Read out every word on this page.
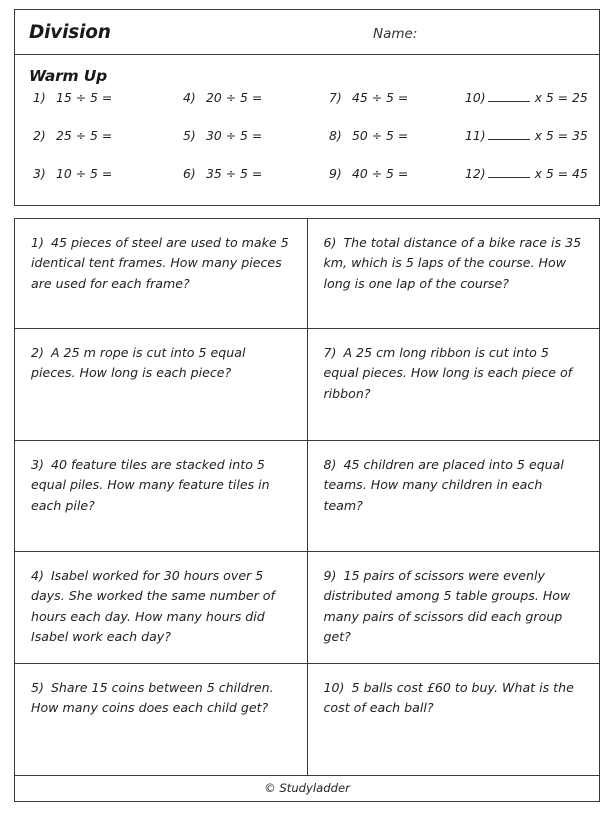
Division	Name:
Warm Up
1) 15 ÷ 5 =	4) 20 ÷ 5 =	7) 45 ÷ 5 =	10)	x 5 = 25
2) 25 ÷ 5 =	5) 30 ÷ 5 =	8) 50 ÷ 5 =	11)	x 5 = 35
3) 10 ÷ 5 =	6) 35 ÷ 5 =	9) 40 ÷ 5 =	12)	x 5 = 45
1) 45 pieces of steel are used to make 5 identical tent frames. How many pieces are used for each frame?
6) The total distance of a bike race is 35 km, which is 5 laps of the course. How long is one lap of the course?
2) A 25 m rope is cut into 5 equal pieces. How long is each piece?
7) A 25 cm long ribbon is cut into 5 equal pieces. How long is each piece of ribbon?
3) 40 feature tiles are stacked into 5 equal piles. How many feature tiles in each pile?
8) 45 children are placed into 5 equal teams. How many children in each team?
4) Isabel worked for 30 hours over 5 days. She worked the same number of hours each day. How many hours did Isabel work each day?
9) 15 pairs of scissors were evenly distributed among 5 table groups. How many pairs of scissors did each group get?
5) Share 15 coins between 5 children. How many coins does each child get?
10) 5 balls cost £60 to buy. What is the cost of each ball?
© Studyladder
